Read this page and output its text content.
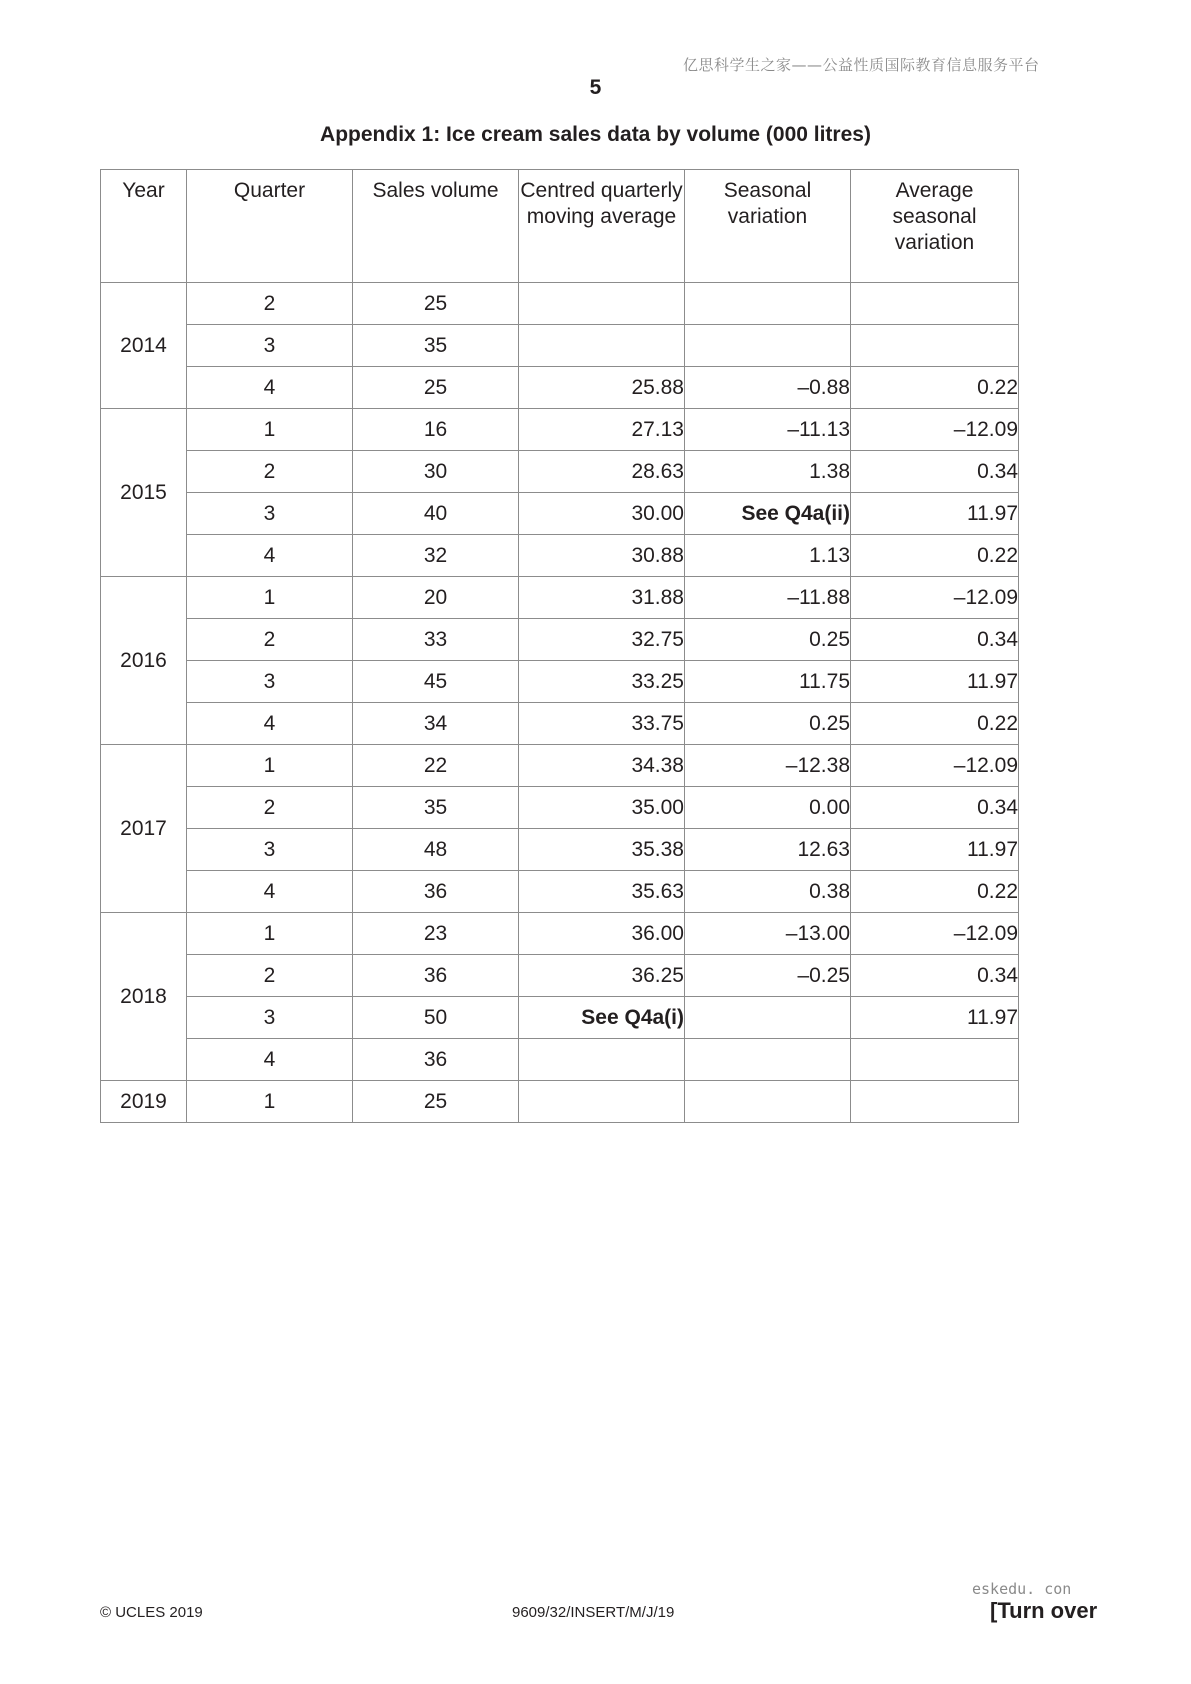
亿思科学生之家——公益性质国际教育信息服务平台
5
Appendix 1: Ice cream sales data by volume (000 litres)
Year	Quarter	Sales volume	Centred quarterly moving average	Seasonal variation	Average seasonal variation
2014	2	25			
	3	35			
	4	25	25.88	–0.88	0.22
2015	1	16	27.13	–11.13	–12.09
	2	30	28.63	1.38	0.34
	3	40	30.00	See Q4a(ii)	11.97
	4	32	30.88	1.13	0.22
2016	1	20	31.88	–11.88	–12.09
	2	33	32.75	0.25	0.34
	3	45	33.25	11.75	11.97
	4	34	33.75	0.25	0.22
2017	1	22	34.38	–12.38	–12.09
	2	35	35.00	0.00	0.34
	3	48	35.38	12.63	11.97
	4	36	35.63	0.38	0.22
2018	1	23	36.00	–13.00	–12.09
	2	36	36.25	–0.25	0.34
	3	50	See Q4a(i)		11.97
	4	36			
2019	1	25			
© UCLES 2019	9609/32/INSERT/M/J/19
eskedu. con
[Turn over
